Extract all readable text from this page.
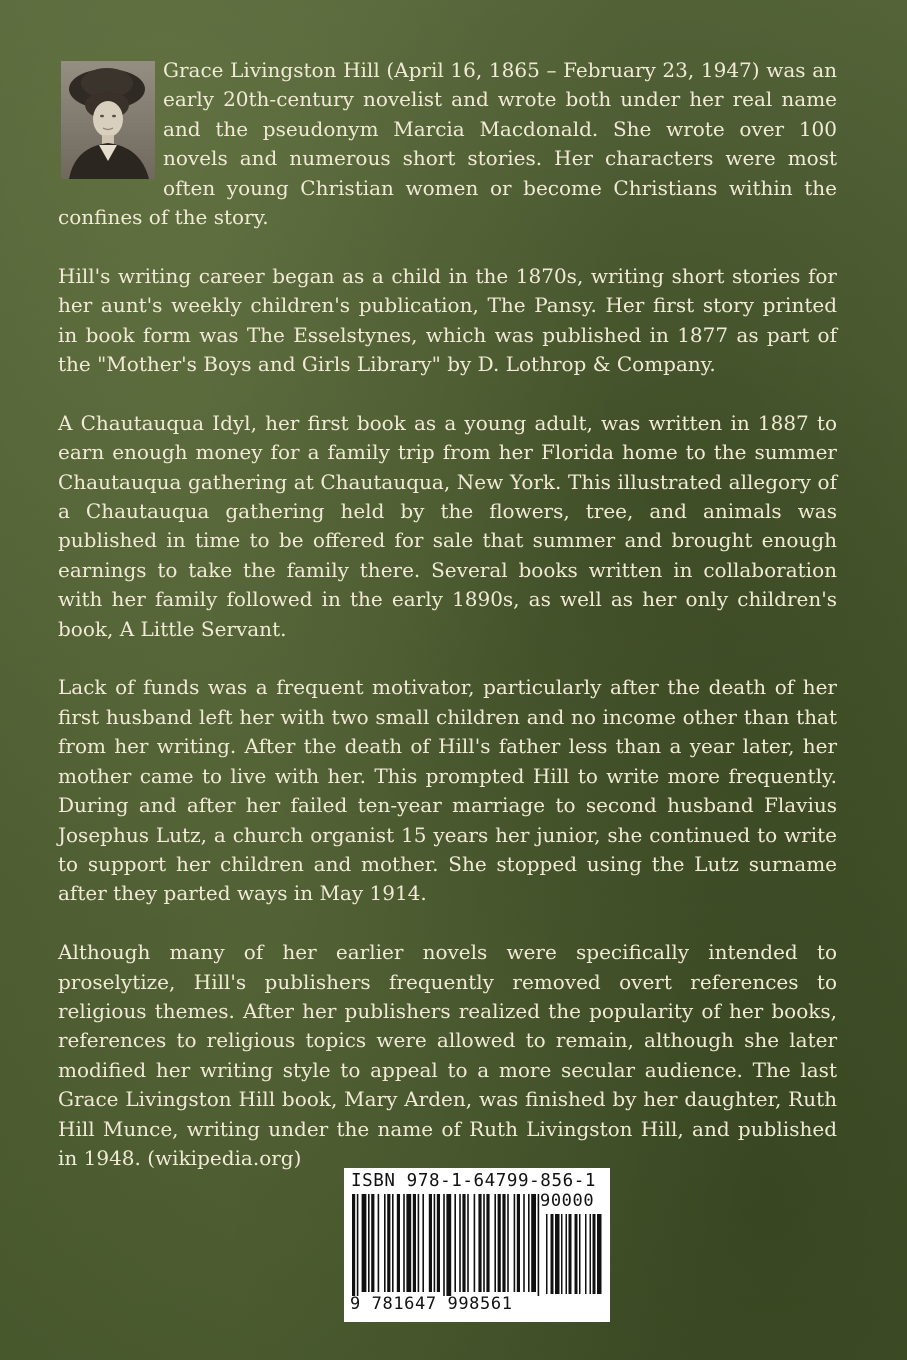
Grace Livingston Hill (April 16, 1865 – February 23, 1947) was an early 20th-century novelist and wrote both under her real name and the pseudonym Marcia Macdonald. She wrote over 100 novels and numerous short stories. Her characters were most often young Christian women or become Christians within the confines of the story.

Hill's writing career began as a child in the 1870s, writing short stories for her aunt's weekly children's publication, The Pansy. Her first story printed in book form was The Esselstynes, which was published in 1877 as part of the "Mother's Boys and Girls Library" by D. Lothrop & Company.

A Chautauqua Idyl, her first book as a young adult, was written in 1887 to earn enough money for a family trip from her Florida home to the summer Chautauqua gathering at Chautauqua, New York. This illustrated allegory of a Chautauqua gathering held by the flowers, tree, and animals was published in time to be offered for sale that summer and brought enough earnings to take the family there. Several books written in collaboration with her family followed in the early 1890s, as well as her only children's book, A Little Servant.

Lack of funds was a frequent motivator, particularly after the death of her first husband left her with two small children and no income other than that from her writing. After the death of Hill's father less than a year later, her mother came to live with her. This prompted Hill to write more frequently. During and after her failed ten-year marriage to second husband Flavius Josephus Lutz, a church organist 15 years her junior, she continued to write to support her children and mother. She stopped using the Lutz surname after they parted ways in May 1914.

Although many of her earlier novels were specifically intended to proselytize, Hill's publishers frequently removed overt references to religious themes. After her publishers realized the popularity of her books, references to religious topics were allowed to remain, although she later modified her writing style to appeal to a more secular audience. The last Grace Livingston Hill book, Mary Arden, was finished by her daughter, Ruth Hill Munce, writing under the name of Ruth Livingston Hill, and published in 1948. (wikipedia.org)

ISBN 978-1-64799-856-1
90000
9 781647 998561
